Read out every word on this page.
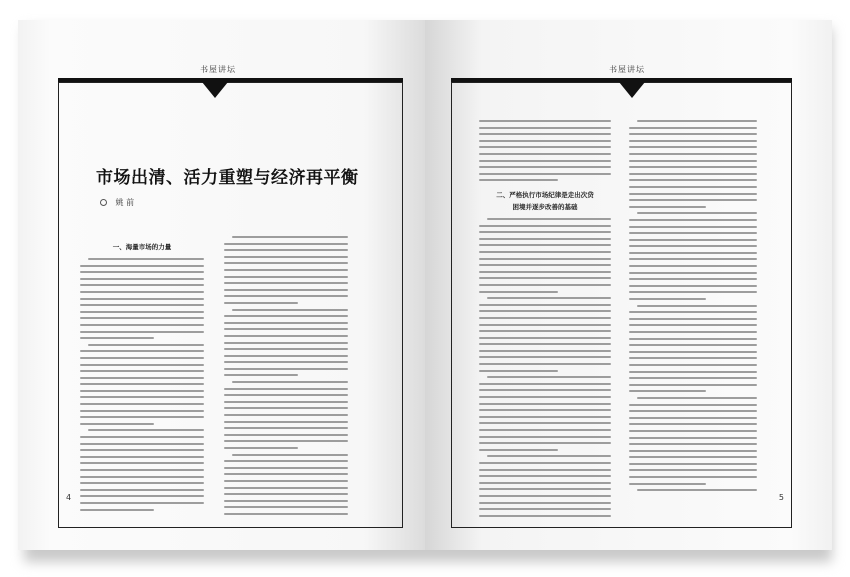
书屋讲坛
市场出清、活力重塑与经济再平衡
姚 前
一、海量市场的力量
4
书屋讲坛
二、严格执行市场纪律是走出次贷
困境并逐步改善的基础
5
